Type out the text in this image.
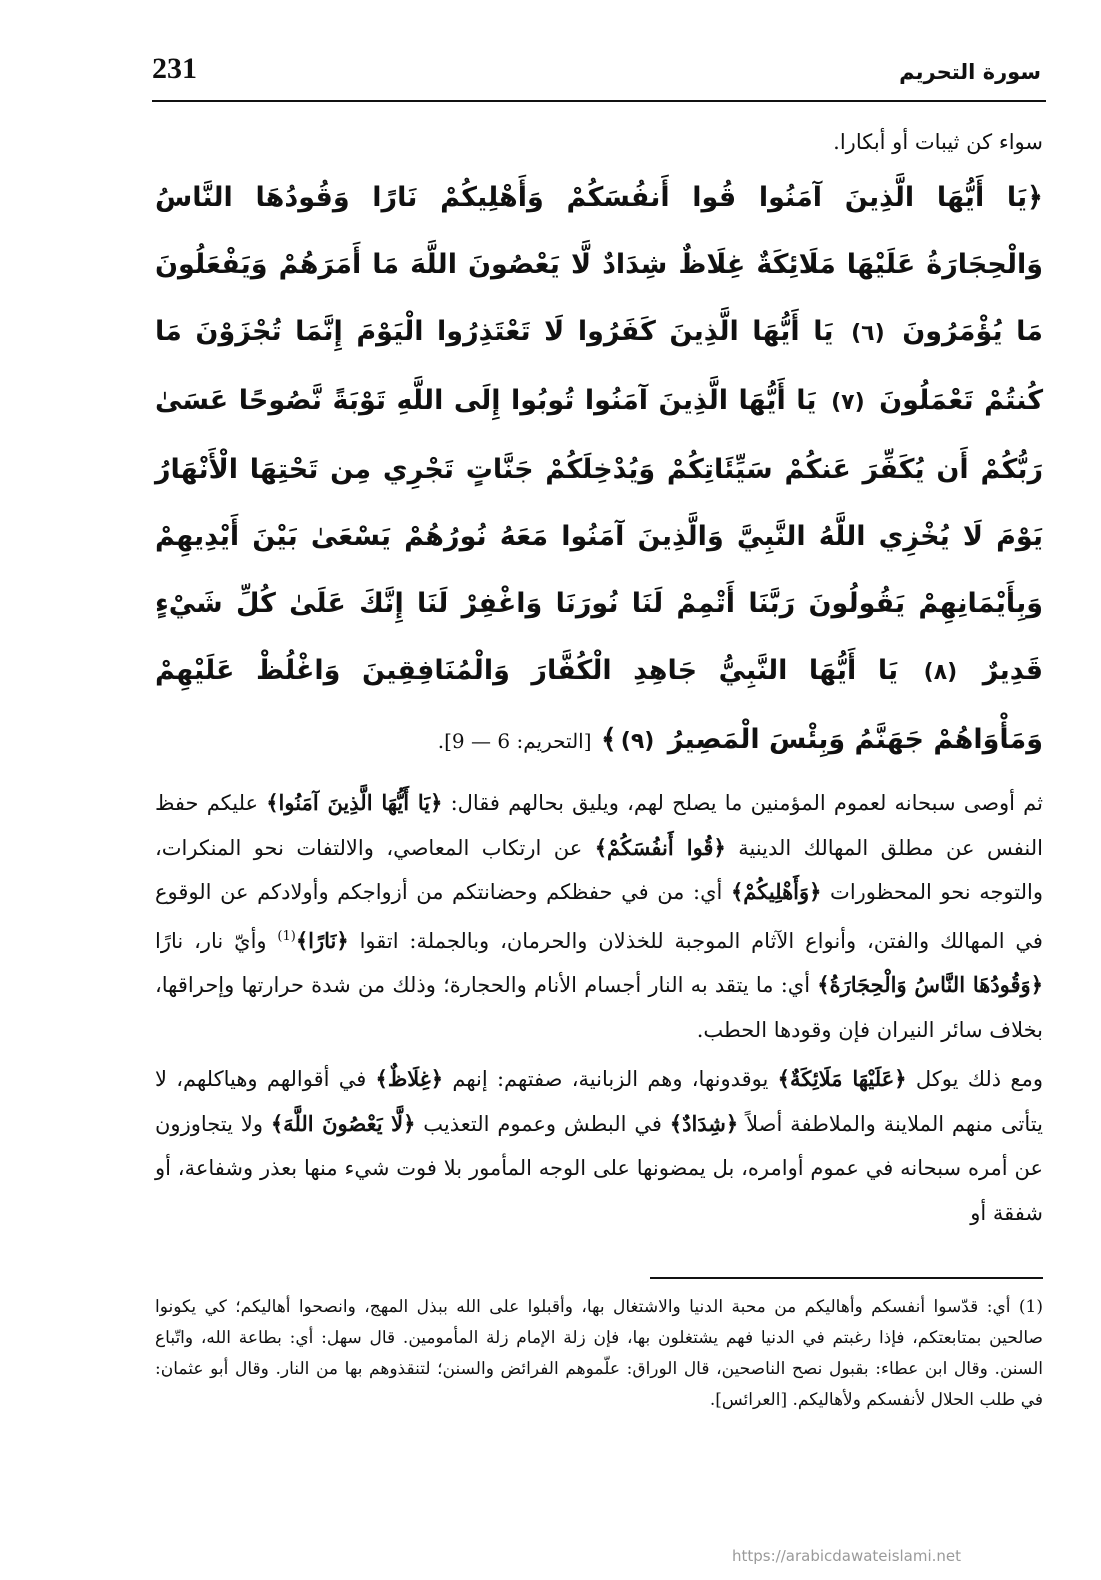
231	سورة التحريم

سواء كن ثيبات أو أبكارا.

﴿يَا أَيُّهَا الَّذِينَ آمَنُوا قُوا أَنفُسَكُمْ وَأَهْلِيكُمْ نَارًا وَقُودُهَا النَّاسُ وَالْحِجَارَةُ عَلَيْهَا مَلَائِكَةٌ غِلَاظٌ شِدَادٌ لَّا يَعْصُونَ اللَّهَ مَا أَمَرَهُمْ وَيَفْعَلُونَ مَا يُؤْمَرُونَ (٦) يَا أَيُّهَا الَّذِينَ كَفَرُوا لَا تَعْتَذِرُوا الْيَوْمَ إِنَّمَا تُجْزَوْنَ مَا كُنتُمْ تَعْمَلُونَ (٧) يَا أَيُّهَا الَّذِينَ آمَنُوا تُوبُوا إِلَى اللَّهِ تَوْبَةً نَّصُوحًا عَسَىٰ رَبُّكُمْ أَن يُكَفِّرَ عَنكُمْ سَيِّئَاتِكُمْ وَيُدْخِلَكُمْ جَنَّاتٍ تَجْرِي مِن تَحْتِهَا الْأَنْهَارُ يَوْمَ لَا يُخْزِي اللَّهُ النَّبِيَّ وَالَّذِينَ آمَنُوا مَعَهُ نُورُهُمْ يَسْعَىٰ بَيْنَ أَيْدِيهِمْ وَبِأَيْمَانِهِمْ يَقُولُونَ رَبَّنَا أَتْمِمْ لَنَا نُورَنَا وَاغْفِرْ لَنَا إِنَّكَ عَلَىٰ كُلِّ شَيْءٍ قَدِيرٌ (٨) يَا أَيُّهَا النَّبِيُّ جَاهِدِ الْكُفَّارَ وَالْمُنَافِقِينَ وَاغْلُظْ عَلَيْهِمْ وَمَأْوَاهُمْ جَهَنَّمُ وَبِئْسَ الْمَصِيرُ (٩)﴾ [التحريم: 6 — 9].

ثم أوصى سبحانه لعموم المؤمنين ما يصلح لهم، ويليق بحالهم فقال: ﴿يَا أَيُّهَا الَّذِينَ آمَنُوا﴾ عليكم حفظ النفس عن مطلق المهالك الدينية ﴿قُوا أَنفُسَكُمْ﴾ عن ارتكاب المعاصي، والالتفات نحو المنكرات، والتوجه نحو المحظورات ﴿وَأَهْلِيكُمْ﴾ أي: من في حفظكم وحضانتكم من أزواجكم وأولادكم عن الوقوع في المهالك والفتن، وأنواع الآثام الموجبة للخذلان والحرمان، وبالجملة: اتقوا ﴿نَارًا﴾$^{(1)}$ وأيّ نار، نارًا ﴿وَقُودُهَا النَّاسُ وَالْحِجَارَةُ﴾ أي: ما يتقد به النار أجسام الأنام والحجارة؛ وذلك من شدة حرارتها وإحراقها، بخلاف سائر النيران فإن وقودها الحطب.

ومع ذلك يوكل ﴿عَلَيْهَا مَلَائِكَةٌ﴾ يوقدونها، وهم الزبانية، صفتهم: إنهم ﴿غِلَاظٌ﴾ في أقوالهم وهياكلهم، لا يتأتى منهم الملاينة والملاطفة أصلاً ﴿شِدَادٌ﴾ في البطش وعموم التعذيب ﴿لَّا يَعْصُونَ اللَّهَ﴾ ولا يتجاوزون عن أمره سبحانه في عموم أوامره، بل يمضونها على الوجه المأمور بلا فوت شيء منها بعذر وشفاعة، أو شفقة أو

(1) أي: قدّسوا أنفسكم وأهاليكم من محبة الدنيا والاشتغال بها، وأقبلوا على الله ببذل المهج، وانصحوا أهاليكم؛ كي يكونوا صالحين بمتابعتكم، فإذا رغبتم في الدنيا فهم يشتغلون بها، فإن زلة الإمام زلة المأمومين. قال سهل: أي: بطاعة الله، واتّباع السنن. وقال ابن عطاء: بقبول نصح الناصحين، قال الوراق: علّموهم الفرائض والسنن؛ لتنقذوهم بها من النار. وقال أبو عثمان: في طلب الحلال لأنفسكم ولأهاليكم. [العرائس].
https://arabicdawateislami.net
